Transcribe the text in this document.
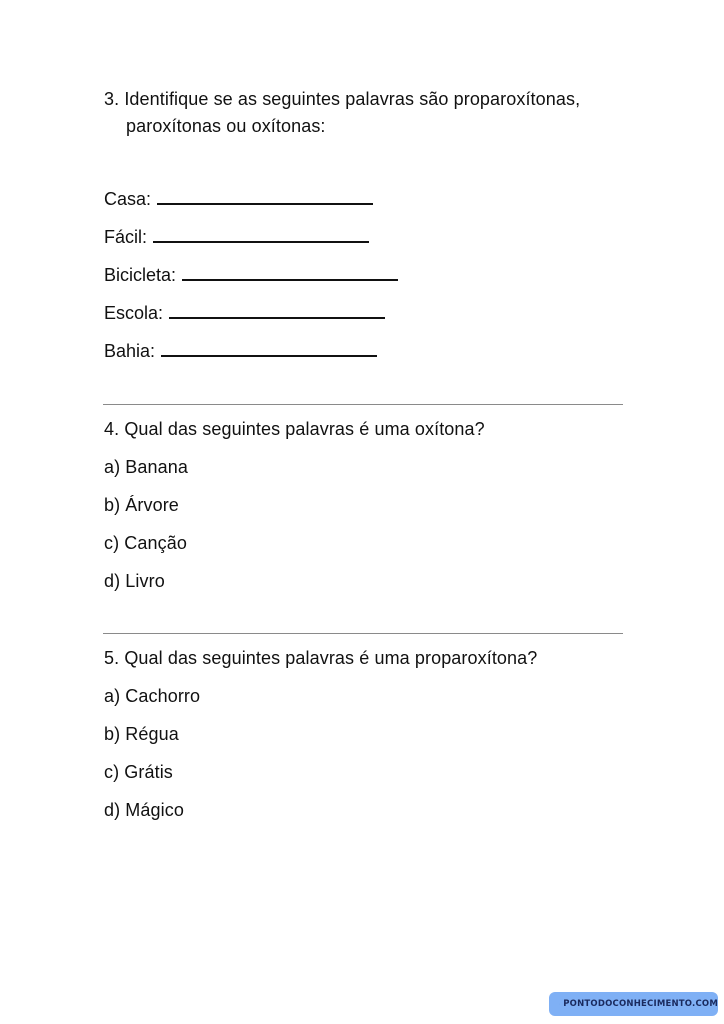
3. Identifique se as seguintes palavras são proparoxítonas,
paroxítonas ou oxítonas:
Casa:
Fácil:
Bicicleta:
Escola:
Bahia:
4. Qual das seguintes palavras é uma oxítona?
a) Banana
b) Árvore
c) Canção
d) Livro
5. Qual das seguintes palavras é uma proparoxítona?
a) Cachorro
b) Régua
c) Grátis
d) Mágico
PONTODOCONHECIMENTO.COM
